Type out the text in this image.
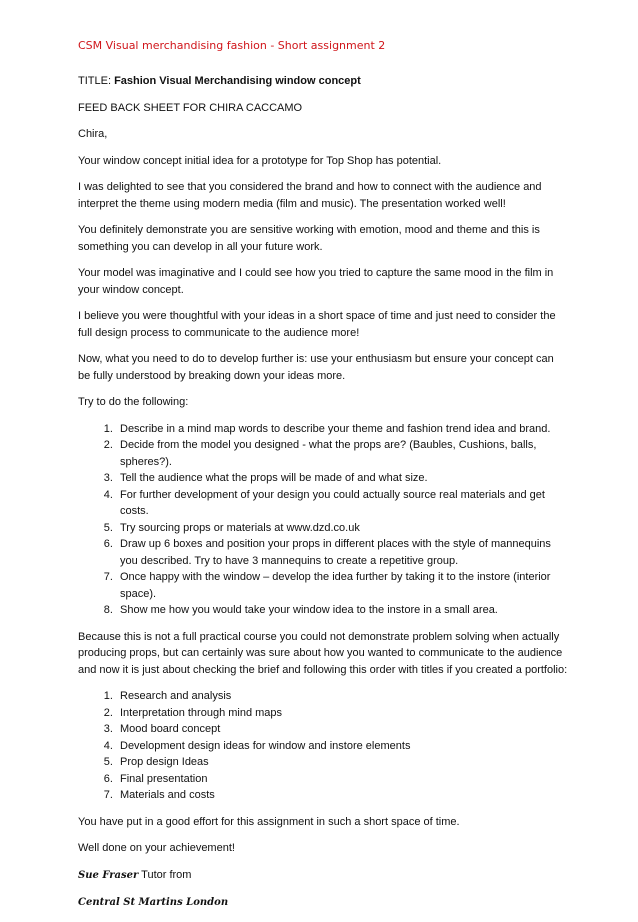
CSM Visual merchandising fashion - Short assignment 2

TITLE: Fashion Visual Merchandising window concept

FEED BACK SHEET FOR CHIRA CACCAMO

Chira,

Your window concept initial idea for a prototype for Top Shop has potential.

I was delighted to see that you considered the brand and how to connect with the audience and interpret the theme using modern media (film and music). The presentation worked well!

You definitely demonstrate you are sensitive working with emotion, mood and theme and this is something you can develop in all your future work.

Your model was imaginative and I could see how you tried to capture the same mood in the film in your window concept.

I believe you were thoughtful with your ideas in a short space of time and just need to consider the full design process to communicate to the audience more!

Now, what you need to do to develop further is: use your enthusiasm but ensure your concept can be fully understood by breaking down your ideas more.

Try to do the following:

1. Describe in a mind map words to describe your theme and fashion trend idea and brand.
2. Decide from the model you designed - what the props are? (Baubles, Cushions, balls, spheres?).
3. Tell the audience what the props will be made of and what size.
4. For further development of your design you could actually source real materials and get costs.
5. Try sourcing props or materials at www.dzd.co.uk
6. Draw up 6 boxes and position your props in different places with the style of mannequins you described. Try to have 3 mannequins to create a repetitive group.
7. Once happy with the window – develop the idea further by taking it to the instore (interior space).
8. Show me how you would take your window idea to the instore in a small area.

Because this is not a full practical course you could not demonstrate problem solving when actually producing props, but can certainly was sure about how you wanted to communicate to the audience and now it is just about checking the brief and following this order with titles if you created a portfolio:

1. Research and analysis
2. Interpretation through mind maps
3. Mood board concept
4. Development design ideas for window and instore elements
5. Prop design Ideas
6. Final presentation
7. Materials and costs

You have put in a good effort for this assignment in such a short space of time.

Well done on your achievement!

Sue Fraser Tutor from

Central St Martins London
